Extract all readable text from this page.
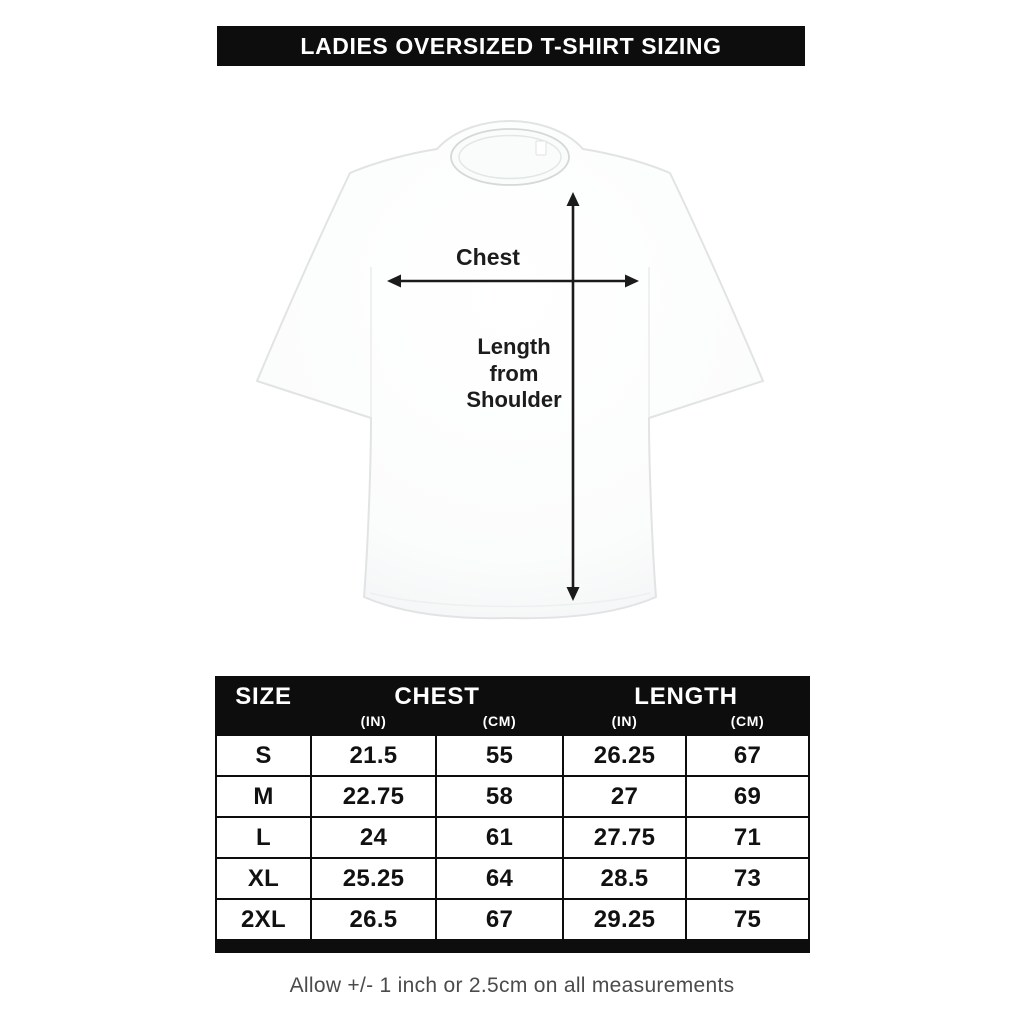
LADIES OVERSIZED T-SHIRT SIZING
Chest
Length from Shoulder
SIZE	CHEST		LENGTH	
	(IN)	(CM)	(IN)	(CM)
S	21.5	55	26.25	67
M	22.75	58	27	69
L	24	61	27.75	71
XL	25.25	64	28.5	73
2XL	26.5	67	29.25	75

Allow +/- 1 inch or 2.5cm on all measurements
